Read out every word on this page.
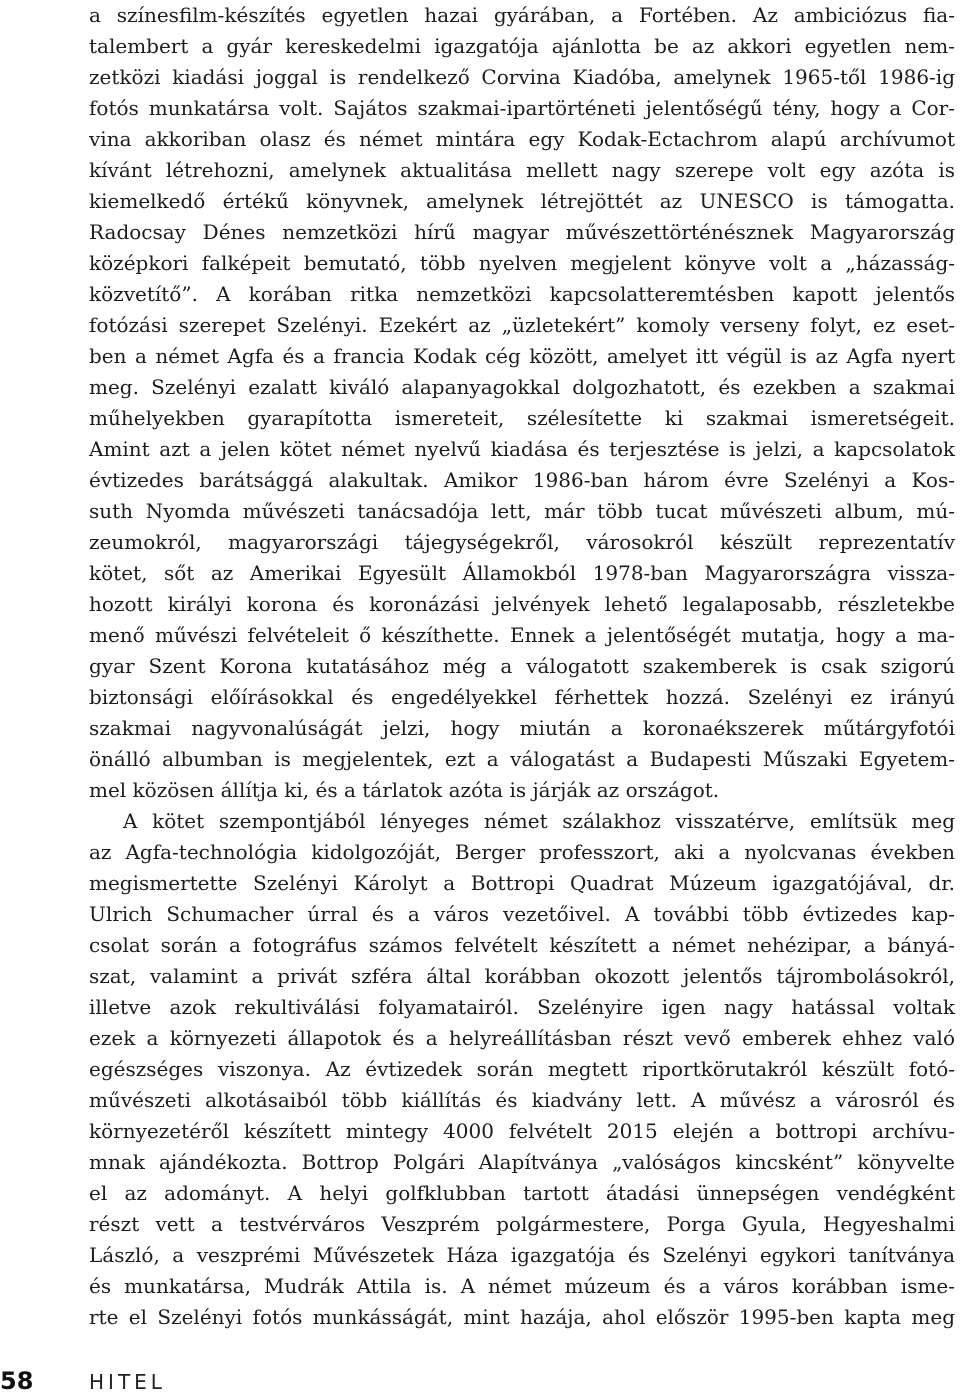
a színesfilm-készítés egyetlen hazai gyárában, a Fortében. Az ambiciózus fia-
talembert a gyár kereskedelmi igazgatója ajánlotta be az akkori egyetlen nem-
zetközi kiadási joggal is rendelkező Corvina Kiadóba, amelynek 1965-től 1986-ig
fotós munkatársa volt. Sajátos szakmai-ipartörténeti jelentőségű tény, hogy a Cor-
vina akkoriban olasz és német mintára egy Kodak-Ectachrom alapú archívumot
kívánt létrehozni, amelynek aktualitása mellett nagy szerepe volt egy azóta is
kiemelkedő értékű könyvnek, amelynek létrejöttét az UNESCO is támogatta.
Radocsay Dénes nemzetközi hírű magyar művészettörténésznek Magyarország
középkori falképeit bemutató, több nyelven megjelent könyve volt a „házasság-
közvetítő”. A korában ritka nemzetközi kapcsolatteremtésben kapott jelentős
fotózási szerepet Szelényi. Ezekért az „üzletekért” komoly verseny folyt, ez eset-
ben a német Agfa és a francia Kodak cég között, amelyet itt végül is az Agfa nyert
meg. Szelényi ezalatt kiváló alapanyagokkal dolgozhatott, és ezekben a szakmai
műhelyekben gyarapította ismereteit, szélesítette ki szakmai ismeretségeit.
Amint azt a jelen kötet német nyelvű kiadása és terjesztése is jelzi, a kapcsolatok
évtizedes barátsággá alakultak. Amikor 1986-ban három évre Szelényi a Kos-
suth Nyomda művészeti tanácsadója lett, már több tucat művészeti album, mú-
zeumokról, magyarországi tájegységekről, városokról készült reprezentatív
kötet, sőt az Amerikai Egyesült Államokból 1978-ban Magyarországra vissza-
hozott királyi korona és koronázási jelvények lehető legalaposabb, részletekbe
menő művészi felvételeit ő készíthette. Ennek a jelentőségét mutatja, hogy a ma-
gyar Szent Korona kutatásához még a válogatott szakemberek is csak szigorú
biztonsági előírásokkal és engedélyekkel férhettek hozzá. Szelényi ez irányú
szakmai nagyvonalúságát jelzi, hogy miután a koronaékszerek műtárgyfotói
önálló albumban is megjelentek, ezt a válogatást a Budapesti Műszaki Egyetem-
mel közösen állítja ki, és a tárlatok azóta is járják az országot.
A kötet szempontjából lényeges német szálakhoz visszatérve, említsük meg
az Agfa-technológia kidolgozóját, Berger professzort, aki a nyolcvanas években
megismertette Szelényi Károlyt a Bottropi Quadrat Múzeum igazgatójával, dr.
Ulrich Schumacher úrral és a város vezetőivel. A további több évtizedes kap-
csolat során a fotográfus számos felvételt készített a német nehézipar, a bányá-
szat, valamint a privát szféra által korábban okozott jelentős tájrombolásokról,
illetve azok rekultiválási folyamatairól. Szelényire igen nagy hatással voltak
ezek a környezeti állapotok és a helyreállításban részt vevő emberek ehhez való
egészséges viszonya. Az évtizedek során megtett riportkörutakról készült fotó-
művészeti alkotásaiból több kiállítás és kiadvány lett. A művész a városról és
környezetéről készített mintegy 4000 felvételt 2015 elején a bottropi archívu-
mnak ajándékozta. Bottrop Polgári Alapítványa „valóságos kincsként” könyvelte
el az adományt. A helyi golfklubban tartott átadási ünnepségen vendégként
részt vett a testvérváros Veszprém polgármestere, Porga Gyula, Hegyeshalmi
László, a veszprémi Művészetek Háza igazgatója és Szelényi egykori tanítványa
és munkatársa, Mudrák Attila is. A német múzeum és a város korábban isme-
rte el Szelényi fotós munkásságát, mint hazája, ahol először 1995-ben kapta meg
58	HITEL
